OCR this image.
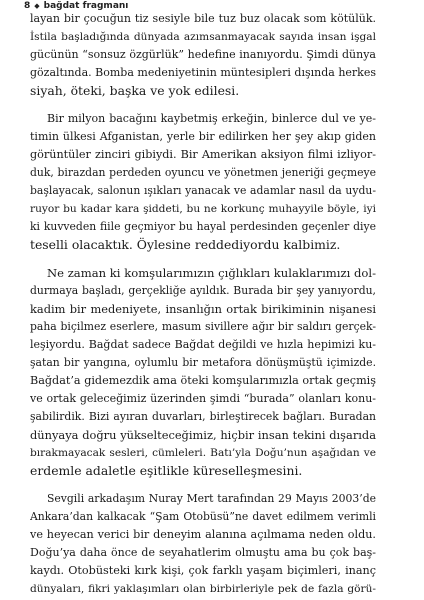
8 ◆ bağdat fragmanı
layan bir çocuğun tiz sesiyle bile tuz buz olacak som kötülük.
İstila başladığında dünyada azımsanmayacak sayıda insan işgal
gücünün “sonsuz özgürlük” hedefine inanıyordu. Şimdi dünya
gözaltında. Bomba medeniyetinin müntesipleri dışında herkes
siyah, öteki, başka ve yok edilesi.
Bir milyon bacağını kaybetmiş erkeğin, binlerce dul ve ye-
timin ülkesi Afganistan, yerle bir edilirken her şey akıp giden
görüntüler zinciri gibiydi. Bir Amerikan aksiyon filmi izliyor-
duk, birazdan perdeden oyuncu ve yönetmen jeneriği geçmeye
başlayacak, salonun ışıkları yanacak ve adamlar nasıl da uydu-
ruyor bu kadar kara şiddeti, bu ne korkunç muhayyile böyle, iyi
ki kuvveden fiile geçmiyor bu hayal perdesinden geçenler diye
teselli olacaktık. Öylesine reddediyordu kalbimiz.
Ne zaman ki komşularımızın çığlıkları kulaklarımızı dol-
durmaya başladı, gerçekliğe ayıldık. Burada bir şey yanıyordu,
kadim bir medeniyete, insanlığın ortak birikiminin nişanesi
paha biçilmez eserlere, masum sivillere ağır bir saldırı gerçek-
leşiyordu. Bağdat sadece Bağdat değildi ve hızla hepimizi ku-
şatan bir yangına, oylumlu bir metafora dönüşmüştü içimizde.
Bağdat’a gidemezdik ama öteki komşularımızla ortak geçmiş
ve ortak geleceğimiz üzerinden şimdi “burada” olanları konu-
şabilirdik. Bizi ayıran duvarları, birleştirecek bağları. Buradan
dünyaya doğru yükselteceğimiz, hiçbir insan tekini dışarıda
bırakmayacak sesleri, cümleleri. Batı’yla Doğu’nun aşağıdan ve
erdemle adaletle eşitlikle küreselleşmesini.
Sevgili arkadaşım Nuray Mert tarafından 29 Mayıs 2003’de
Ankara’dan kalkacak “Şam Otobüsü”ne davet edilmem verimli
ve heyecan verici bir deneyim alanına açılmama neden oldu.
Doğu’ya daha önce de seyahatlerim olmuştu ama bu çok baş-
kaydı. Otobüsteki kırk kişi, çok farklı yaşam biçimleri, inanç
dünyaları, fikri yaklaşımları olan birbirleriyle pek de fazla görü-
